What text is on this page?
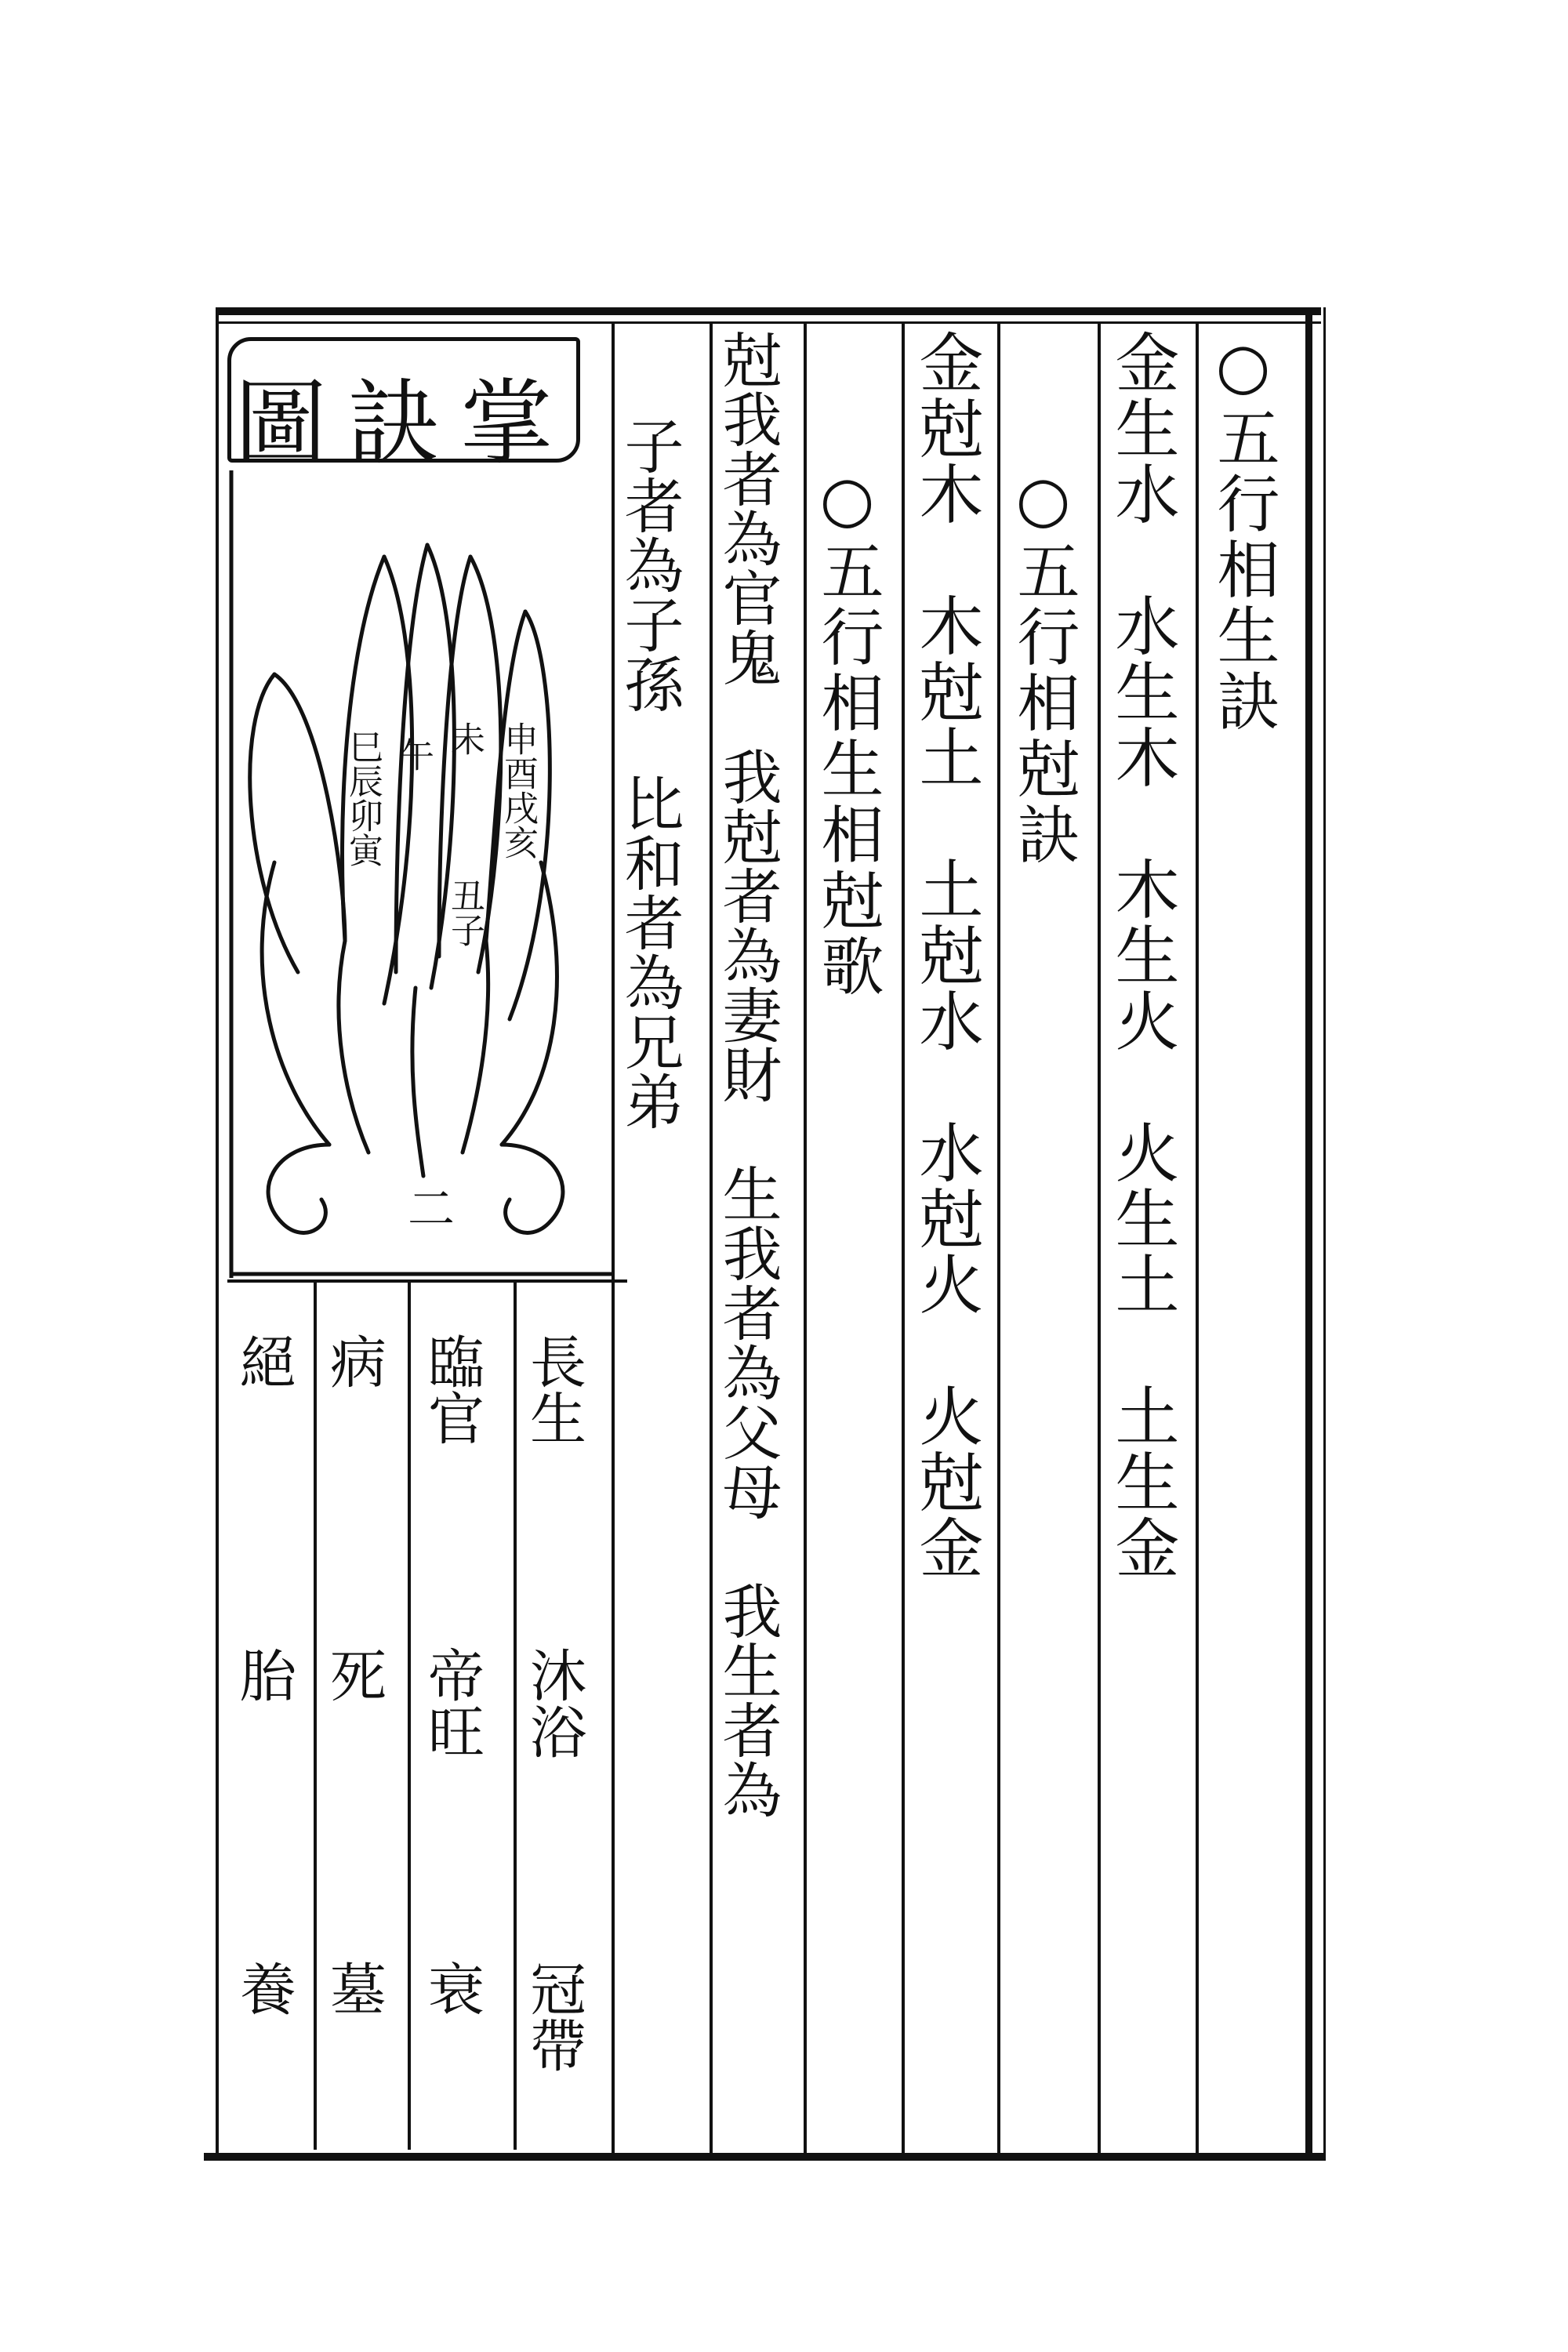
○五行相生訣
金生水　水生木　木生火　火生土　土生金
○五行相尅訣
金尅木　木尅土　土尅水　水尅火　火尅金
○五行相生相尅歌
尅我者為官鬼　我尅者為妻財　生我者為父母　我生者為
子者為子孫　比和者為兄弟
掌訣圖
申酉戌亥
未
午
巳辰卯寅
丑子
二
長生
沐浴
冠帶
臨官
帝旺
衰
病
死
墓
絕
胎
養
